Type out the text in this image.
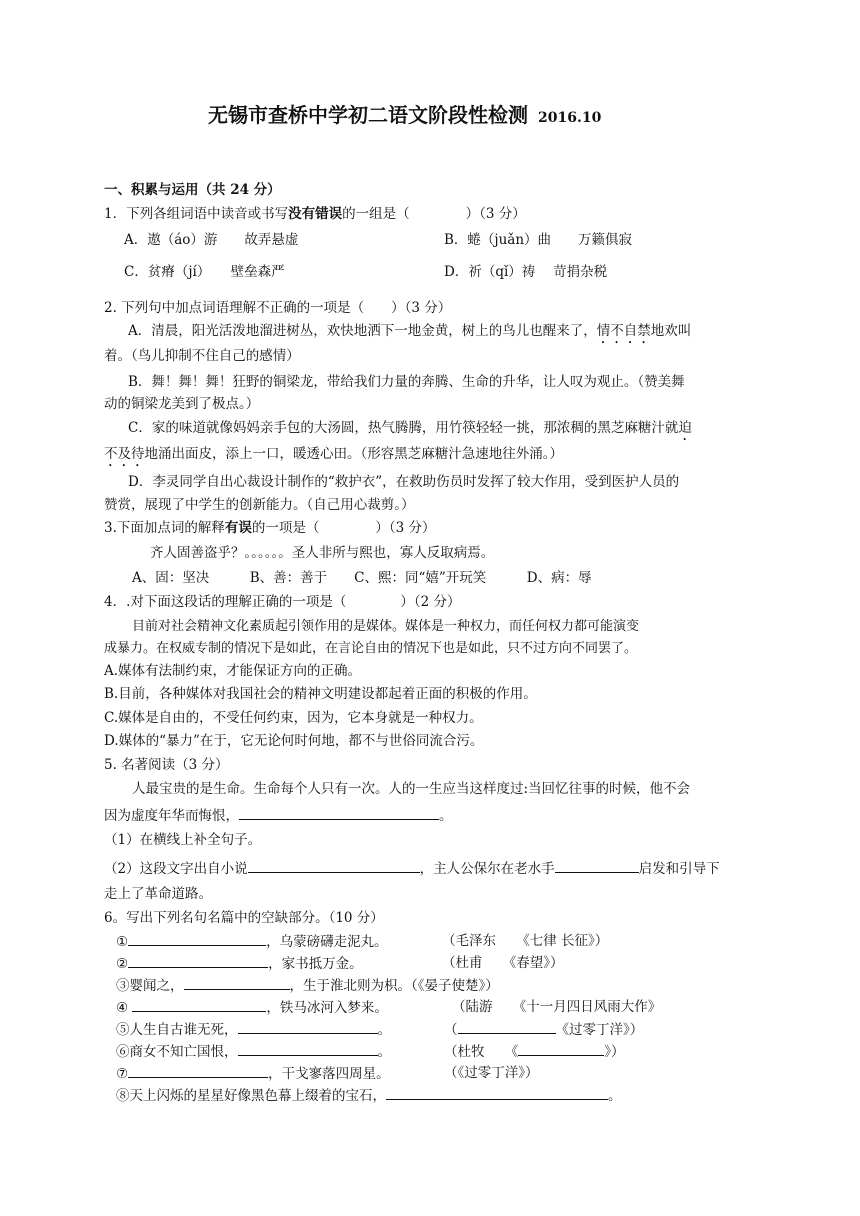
无锡市查桥中学初二语文阶段性检测 2016.10
一、积累与运用（共 24 分）
1．下列各组词语中读音或书写没有错误的一组是（	）（3 分）
A．遨（áo）游　　故弄悬虚	B．蜷（juǎn）曲　　万籁俱寂
C．贫瘠（jí）　　壁垒森严	D．祈（qǐ）祷　 苛捐杂税
2. 下列句中加点词语理解不正确的一项是（　　）（3 分）
A．清晨，阳光活泼地溜进树丛，欢快地洒下一地金黄，树上的鸟儿也醒来了，情不自禁地欢叫
着。（鸟儿抑制不住自己的感情）
B．舞！舞！舞！狂野的铜梁龙，带给我们力量的奔腾、生命的升华，让人叹为观止。（赞美舞
动的铜梁龙美到了极点。）
C．家的味道就像妈妈亲手包的大汤圆，热气腾腾，用竹筷轻轻一挑，那浓稠的黑芝麻糖汁就迫
不及待地涌出面皮，添上一口，暖透心田。（形容黑芝麻糖汁急速地往外涌。）
D．李灵同学自出心裁设计制作的“救护衣”，在救助伤员时发挥了较大作用，受到医护人员的
赞赏，展现了中学生的创新能力。（自己用心裁剪。）
3.下面加点词的解释有误的一项是（	）（3 分）
齐人固善盗乎？。。。。。。圣人非所与熙也，寡人反取病焉。
A、固：坚决　　　B、善：善于　　C、熙：同“嬉”开玩笑　　　D、病：辱
4．.对下面这段话的理解正确的一项是（　　　　）（2 分）
目前对社会精神文化素质起引领作用的是媒体。媒体是一种权力，而任何权力都可能演变
成暴力。在权威专制的情况下是如此，在言论自由的情况下也是如此，只不过方向不同罢了。
A.媒体有法制约束，才能保证方向的正确。
B.目前，各种媒体对我国社会的精神文明建设都起着正面的积极的作用。
C.媒体是自由的，不受任何约束，因为，它本身就是一种权力。
D.媒体的“暴力”在于，它无论何时何地，都不与世俗同流合污。
5. 名著阅读（3 分）
人最宝贵的是生命。生命每个人只有一次。人的一生应当这样度过:当回忆往事的时候，他不会
因为虚度年华而悔恨，	。
（1）在横线上补全句子。
（2）这段文字出自小说	，主人公保尔在老水手	启发和引导下
走上了革命道路。
6。写出下列名句名篇中的空缺部分。（10 分）
①	，乌蒙磅礴走泥丸。	（毛泽东　　《七律 长征》）
②	，家书抵万金。	（杜甫　　《春望》）
③婴闻之，	，生于淮北则为枳。（《晏子使楚》）
④	，铁马冰河入梦来。	（陆游　　《十一月四日风雨大作》
⑤人生自古谁无死，	。	（	《过零丁洋》）
⑥商女不知亡国恨，	。	（杜牧　　《	》）
⑦	，干戈寥落四周星。	（《过零丁洋》）
⑧天上闪烁的星星好像黑色幕上缀着的宝石，	。
